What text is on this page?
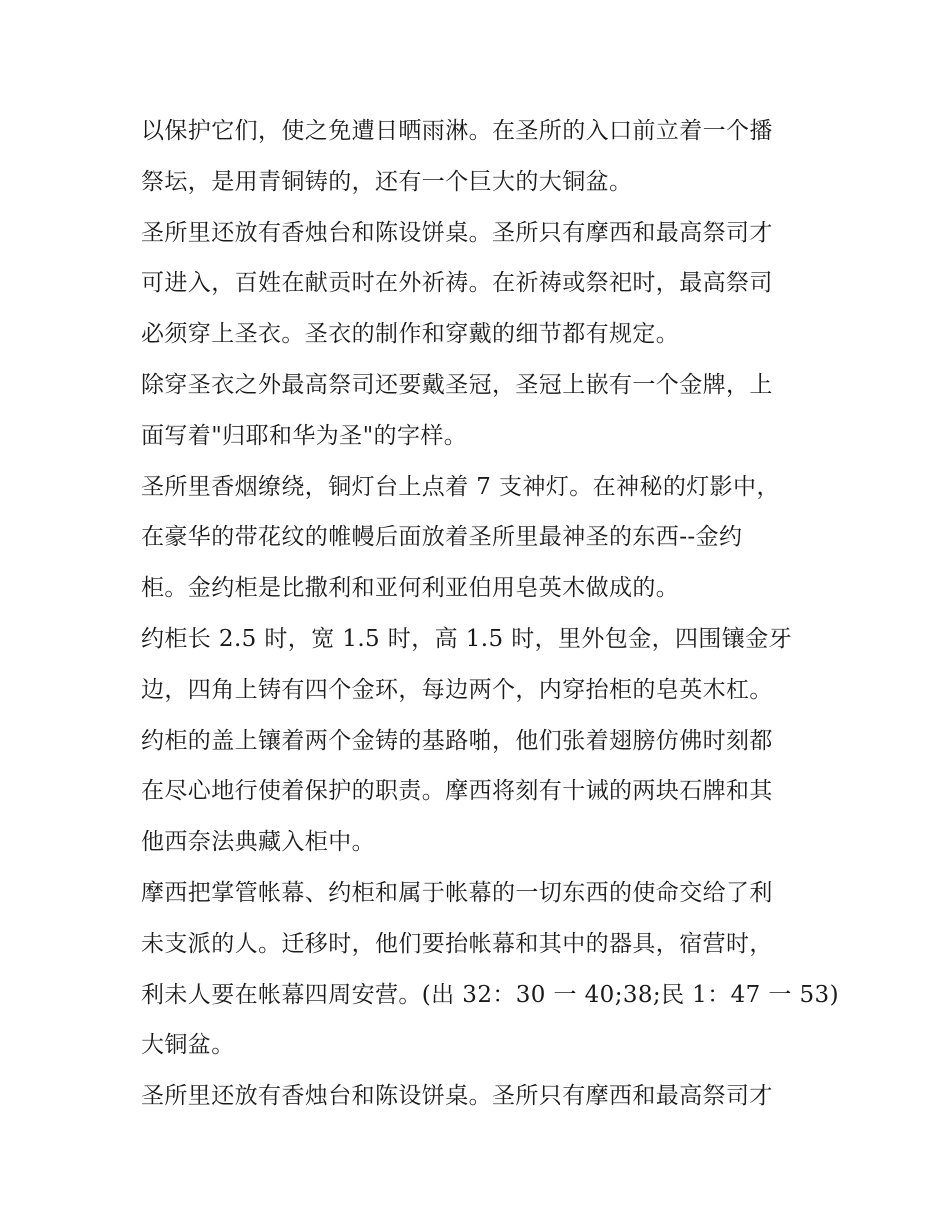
以保护它们，使之免遭日晒雨淋。在圣所的入口前立着一个播
祭坛，是用青铜铸的，还有一个巨大的大铜盆。
圣所里还放有香烛台和陈设饼桌。圣所只有摩西和最高祭司才
可进入，百姓在献贡时在外祈祷。在祈祷或祭祀时，最高祭司
必须穿上圣衣。圣衣的制作和穿戴的细节都有规定。
除穿圣衣之外最高祭司还要戴圣冠，圣冠上嵌有一个金牌，上
面写着"归耶和华为圣"的字样。
圣所里香烟缭绕，铜灯台上点着 7 支神灯。在神秘的灯影中，
在豪华的带花纹的帷幔后面放着圣所里最神圣的东西--金约
柜。金约柜是比撒利和亚何利亚伯用皂英木做成的。
约柜长 2.5 时，宽 1.5 时，高 1.5 时，里外包金，四围镶金牙
边，四角上铸有四个金环，每边两个，内穿抬柜的皂英木杠。
约柜的盖上镶着两个金铸的基路啪，他们张着翅膀仿佛时刻都
在尽心地行使着保护的职责。摩西将刻有十诫的两块石牌和其
他西奈法典藏入柜中。
摩西把掌管帐幕、约柜和属于帐幕的一切东西的使命交给了利
未支派的人。迁移时，他们要抬帐幕和其中的器具，宿营时，
利未人要在帐幕四周安营。(出 32：30 一 40;38;民 1：47 一 53)
大铜盆。
圣所里还放有香烛台和陈设饼桌。圣所只有摩西和最高祭司才
